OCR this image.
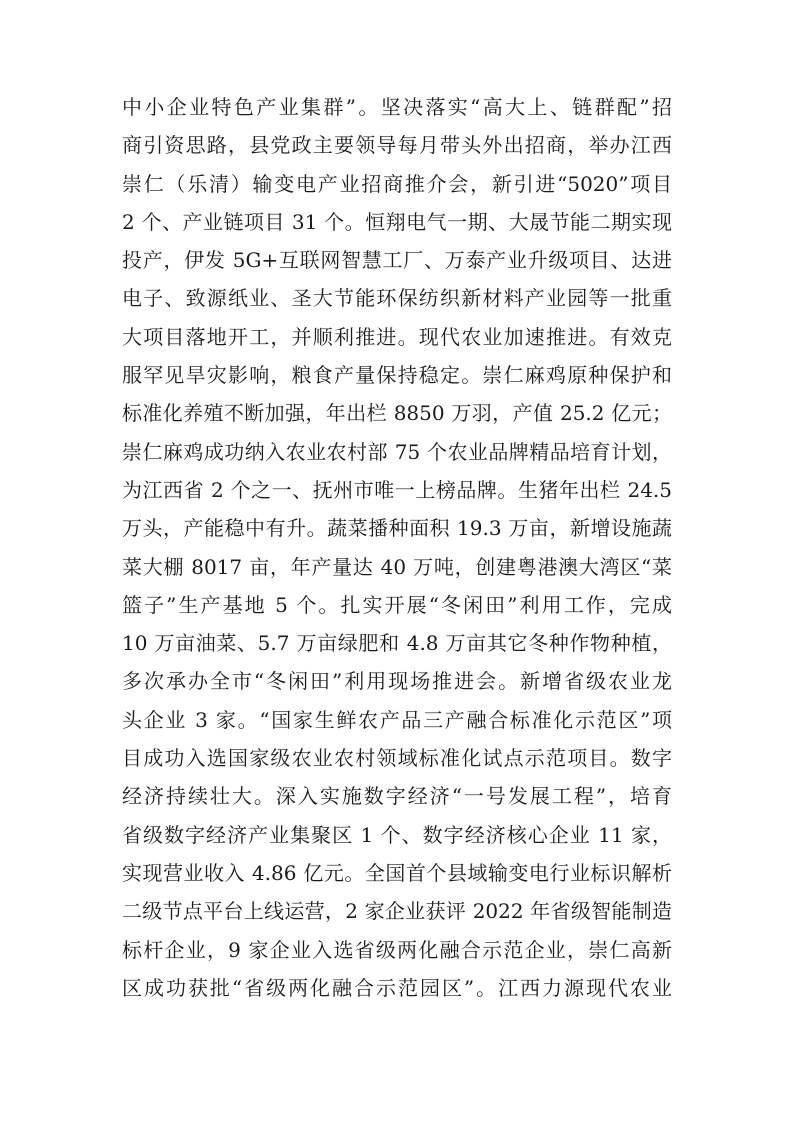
中小企业特色产业集群”。坚决落实“高大上、链群配”招
商引资思路，县党政主要领导每月带头外出招商，举办江西
崇仁（乐清）输变电产业招商推介会，新引进“5020”项目
2 个、产业链项目 31 个。恒翔电气一期、大晟节能二期实现
投产，伊发 5G+互联网智慧工厂、万泰产业升级项目、达进
电子、致源纸业、圣大节能环保纺织新材料产业园等一批重
大项目落地开工，并顺利推进。现代农业加速推进。有效克
服罕见旱灾影响，粮食产量保持稳定。崇仁麻鸡原种保护和
标准化养殖不断加强，年出栏 8850 万羽，产值 25.2 亿元；
崇仁麻鸡成功纳入农业农村部 75 个农业品牌精品培育计划，
为江西省 2 个之一、抚州市唯一上榜品牌。生猪年出栏 24.5
万头，产能稳中有升。蔬菜播种面积 19.3 万亩，新增设施蔬
菜大棚 8017 亩，年产量达 40 万吨，创建粤港澳大湾区“菜
篮子”生产基地 5 个。扎实开展“冬闲田”利用工作，完成
10 万亩油菜、5.7 万亩绿肥和 4.8 万亩其它冬种作物种植，
多次承办全市“冬闲田”利用现场推进会。新增省级农业龙
头企业 3 家。“国家生鲜农产品三产融合标准化示范区”项
目成功入选国家级农业农村领域标准化试点示范项目。数字
经济持续壮大。深入实施数字经济“一号发展工程”，培育
省级数字经济产业集聚区 1 个、数字经济核心企业 11 家，
实现营业收入 4.86 亿元。全国首个县域输变电行业标识解析
二级节点平台上线运营，2 家企业获评 2022 年省级智能制造
标杆企业，9 家企业入选省级两化融合示范企业，崇仁高新
区成功获批“省级两化融合示范园区”。江西力源现代农业
